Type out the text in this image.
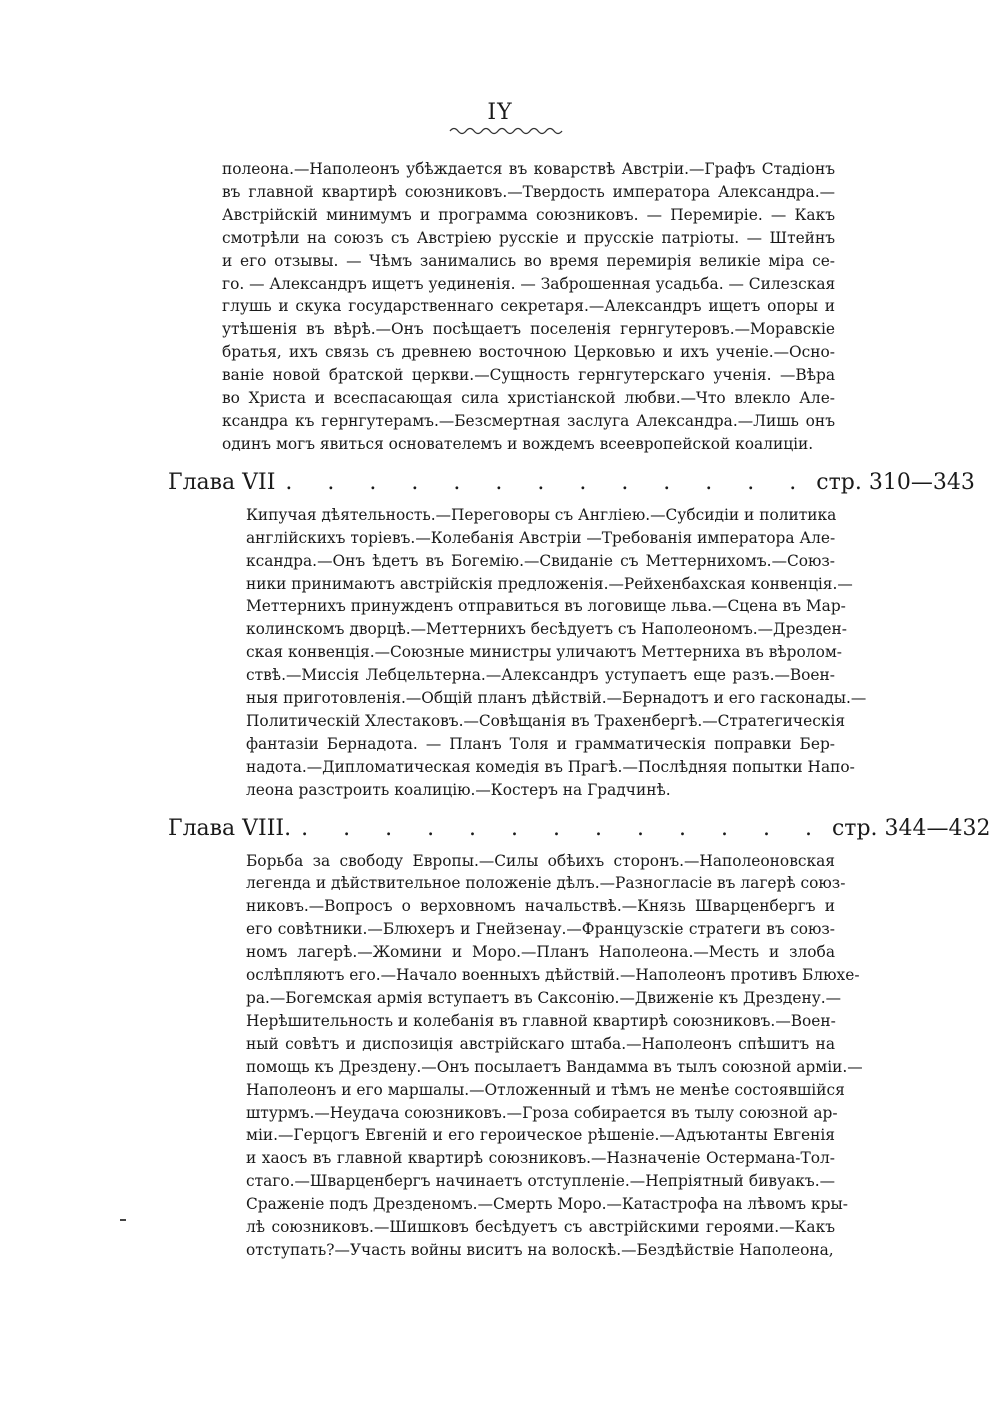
IY
полеона.—Наполеонъ убѣждается въ коварствѣ Австріи.—Графъ Стадіонъ
въ главной квартирѣ союзниковъ.—Твердость императора Александра.—
Австрійскій минимумъ и программа союзниковъ. — Перемиріе. — Какъ
смотрѣли на союзъ съ Австріею русскіе и прусскіе патріоты. — Штейнъ
и его отзывы. — Чѣмъ занимались во время перемирія великіе міра се-
го. — Александръ ищетъ уединенія. — Заброшенная усадьба. — Силезская
глушь и скука государственнаго секретаря.—Александръ ищетъ опоры и
утѣшенія въ вѣрѣ.—Онъ посѣщаетъ поселенія гернгутеровъ.—Моравскіе
братья, ихъ связь съ древнею восточною Церковью и ихъ ученіе.—Осно-
ваніе новой братской церкви.—Сущность гернгутерскаго ученія. —Вѣра
во Христа и всеспасающая сила христіанской любви.—Что влекло Але-
ксандра къ гернгутерамъ.—Безсмертная заслуга Александра.—Лишь онъ
одинъ могъ явиться основателемъ и вождемъ всеевропейской коалиціи.
Глава VII . . . . . . . . . . . . . стр. 310—343
Кипучая дѣятельность.—Переговоры съ Англіею.—Субсидіи и политика
англійскихъ торіевъ.—Колебанія Австріи —Требованія императора Але-
ксандра.—Онъ ѣдетъ въ Богемію.—Свиданіе съ Меттернихомъ.—Союз-
ники принимаютъ австрійскія предложенія.—Рейхенбахская конвенція.—
Меттернихъ принужденъ отправиться въ логовище льва.—Сцена въ Мар-
колинскомъ дворцѣ.—Меттернихъ бесѣдуетъ съ Наполеономъ.—Дрезден-
ская конвенція.—Союзные министры уличаютъ Меттерниха въ вѣролом-
ствѣ.—Миссія Лебцельтерна.—Александръ уступаетъ еще разъ.—Воен-
ныя приготовленія.—Общій планъ дѣйствій.—Бернадотъ и его гасконады.—
Политическій Хлестаковъ.—Совѣщанія въ Трахенбергѣ.—Стратегическія
фантазіи Бернадота. — Планъ Толя и грамматическія поправки Бер-
надота.—Дипломатическая комедія въ Прагѣ.—Послѣдняя попытки Напо-
леона разстроить коалицію.—Костеръ на Градчинѣ.
Глава VIII. . . . . . . . . . . . . . стр. 344—432
Борьба за свободу Европы.—Силы обѣихъ сторонъ.—Наполеоновская
легенда и дѣйствительное положеніе дѣлъ.—Разногласіе въ лагерѣ союз-
никовъ.—Вопросъ о верховномъ начальствѣ.—Князь Шварценбергъ и
его совѣтники.—Блюхеръ и Гнейзенау.—Французскіе стратеги въ союз-
номъ лагерѣ.—Жомини и Моро.—Планъ Наполеона.—Месть и злоба
ослѣпляютъ его.—Начало военныхъ дѣйствій.—Наполеонъ противъ Блюхе-
ра.—Богемская армія вступаетъ въ Саксонію.—Движеніе къ Дрездену.—
Нерѣшительность и колебанія въ главной квартирѣ союзниковъ.—Воен-
ный совѣтъ и диспозиція австрійскаго штаба.—Наполеонъ спѣшитъ на
помощь къ Дрездену.—Онъ посылаетъ Вандамма въ тылъ союзной арміи.—
Наполеонъ и его маршалы.—Отложенный и тѣмъ не менѣе состоявшійся
штурмъ.—Неудача союзниковъ.—Гроза собирается въ тылу союзной ар-
міи.—Герцогъ Евгеній и его героическое рѣшеніе.—Адъютанты Евгенія
и хаосъ въ главной квартирѣ союзниковъ.—Назначеніе Остермана-Тол-
стаго.—Шварценбергъ начинаетъ отступленіе.—Непріятный бивуакъ.—
Сраженіе подъ Дрезденомъ.—Смерть Моро.—Катастрофа на лѣвомъ кры-
лѣ союзниковъ.—Шишковъ бесѣдуетъ съ австрійскими героями.—Какъ
отступать?—Участь войны виситъ на волоскѣ.—Бездѣйствіе Наполеона,
